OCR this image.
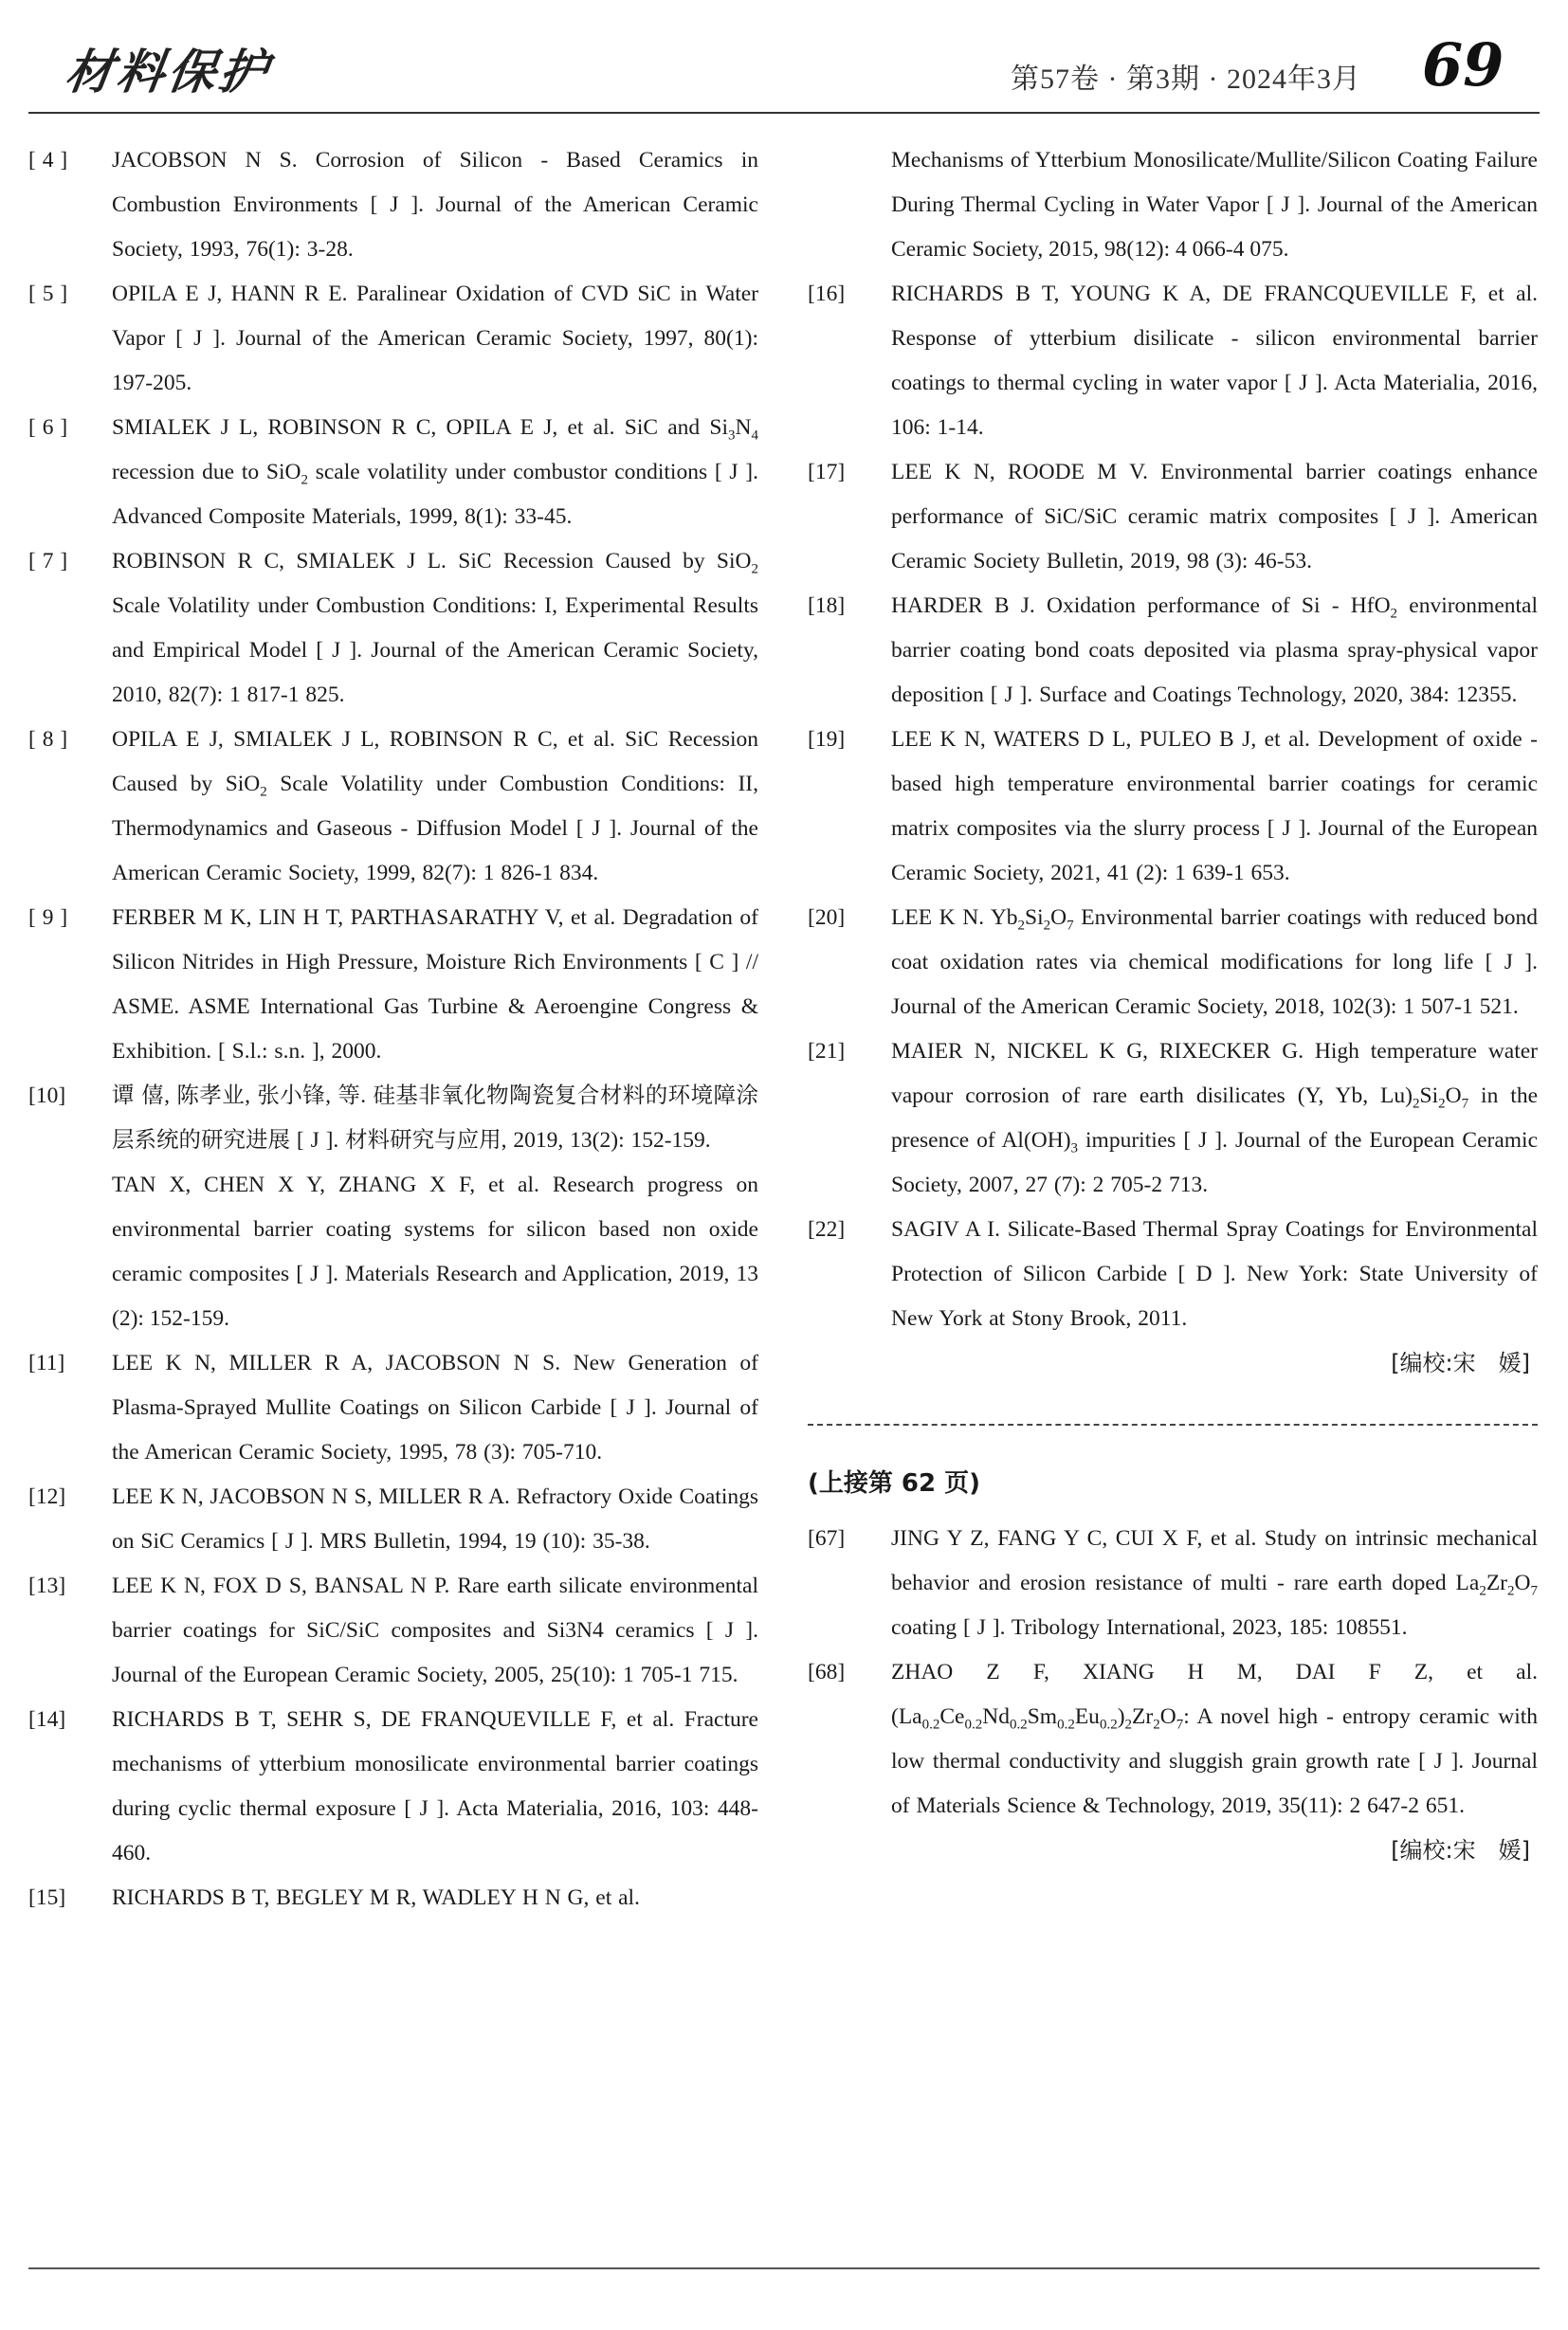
材料保护	第57卷 · 第3期 · 2024年3月 69
[ 4 ]	JACOBSON N S. Corrosion of Silicon - Based Ceramics in Combustion Environments [ J ]. Journal of the American Ceramic Society, 1993, 76(1): 3-28.
[ 5 ]	OPILA E J, HANN R E. Paralinear Oxidation of CVD SiC in Water Vapor [ J ]. Journal of the American Ceramic Society, 1997, 80(1): 197-205.
[ 6 ]	SMIALEK J L, ROBINSON R C, OPILA E J, et al. SiC and $Si_3N_4$ recession due to SiO$_2$ scale volatility under combustor conditions [ J ]. Advanced Composite Materials, 1999, 8(1): 33-45.
[ 7 ]	ROBINSON R C, SMIALEK J L. SiC Recession Caused by SiO$_2$ Scale Volatility under Combustion Conditions: I, Experimental Results and Empirical Model [ J ]. Journal of the American Ceramic Society, 2010, 82(7): 1 817-1 825.
[ 8 ]	OPILA E J, SMIALEK J L, ROBINSON R C, et al. SiC Recession Caused by SiO$_2$ Scale Volatility under Combustion Conditions: II, Thermodynamics and Gaseous - Diffusion Model [ J ]. Journal of the American Ceramic Society, 1999, 82(7): 1 826-1 834.
[ 9 ]	FERBER M K, LIN H T, PARTHASARATHY V, et al. Degradation of Silicon Nitrides in High Pressure, Moisture Rich Environments [ C ] // ASME. ASME International Gas Turbine & Aeroengine Congress & Exhibition. [ S.l.: s.n. ], 2000.
[10]	谭 僖, 陈孝业, 张小锋, 等. 硅基非氧化物陶瓷复合材料的环境障涂层系统的研究进展 [ J ]. 材料研究与应用, 2019, 13(2): 152-159.
TAN X, CHEN X Y, ZHANG X F, et al. Research progress on environmental barrier coating systems for silicon based non oxide ceramic composites [ J ]. Materials Research and Application, 2019, 13 (2): 152-159.
[11]	LEE K N, MILLER R A, JACOBSON N S. New Generation of Plasma-Sprayed Mullite Coatings on Silicon Carbide [ J ]. Journal of the American Ceramic Society, 1995, 78 (3): 705-710.
[12]	LEE K N, JACOBSON N S, MILLER R A. Refractory Oxide Coatings on SiC Ceramics [ J ]. MRS Bulletin, 1994, 19 (10): 35-38.
[13]	LEE K N, FOX D S, BANSAL N P. Rare earth silicate environmental barrier coatings for SiC/SiC composites and Si3N4 ceramics [ J ]. Journal of the European Ceramic Society, 2005, 25(10): 1 705-1 715.
[14]	RICHARDS B T, SEHR S, DE FRANQUEVILLE F, et al. Fracture mechanisms of ytterbium monosilicate environmental barrier coatings during cyclic thermal exposure [ J ]. Acta Materialia, 2016, 103: 448-460.
[15]	RICHARDS B T, BEGLEY M R, WADLEY H N G, et al.
Mechanisms of Ytterbium Monosilicate/Mullite/Silicon Coating Failure During Thermal Cycling in Water Vapor [ J ]. Journal of the American Ceramic Society, 2015, 98(12): 4 066-4 075.
[16]	RICHARDS B T, YOUNG K A, DE FRANCQUEVILLE F, et al. Response of ytterbium disilicate - silicon environmental barrier coatings to thermal cycling in water vapor [ J ]. Acta Materialia, 2016, 106: 1-14.
[17]	LEE K N, ROODE M V. Environmental barrier coatings enhance performance of SiC/SiC ceramic matrix composites [ J ]. American Ceramic Society Bulletin, 2019, 98 (3): 46-53.
[18]	HARDER B J. Oxidation performance of Si - HfO$_2$ environmental barrier coating bond coats deposited via plasma spray-physical vapor deposition [ J ]. Surface and Coatings Technology, 2020, 384: 12355.
[19]	LEE K N, WATERS D L, PULEO B J, et al. Development of oxide - based high temperature environmental barrier coatings for ceramic matrix composites via the slurry process [ J ]. Journal of the European Ceramic Society, 2021, 41 (2): 1 639-1 653.
[20]	LEE K N. $Yb_2Si_2O_7$ Environmental barrier coatings with reduced bond coat oxidation rates via chemical modifications for long life [ J ]. Journal of the American Ceramic Society, 2018, 102(3): 1 507-1 521.
[21]	MAIER N, NICKEL K G, RIXECKER G. High temperature water vapour corrosion of rare earth disilicates (Y, Yb, $Lu)_2Si_2O_7$ in the presence of $Al(OH)_3$ impurities [ J ]. Journal of the European Ceramic Society, 2007, 27 (7): 2 705-2 713.
[22]	SAGIV A I. Silicate-Based Thermal Spray Coatings for Environmental Protection of Silicon Carbide [ D ]. New York: State University of New York at Stony Brook, 2011.
[编校:宋　媛]
(上接第 62 页)
[67]	JING Y Z, FANG Y C, CUI X F, et al. Study on intrinsic mechanical behavior and erosion resistance of multi - rare earth doped $La_2Zr_2O_7$ coating [ J ]. Tribology International, 2023, 185: 108551.
[68]	ZHAO Z F, XIANG H M, DAI F Z, et al. $(La_{0.2}Ce_{0.2}Nd_{0.2}Sm_{0.2}Eu_{0.2})_2Zr_2O_7$: A novel high - entropy ceramic with low thermal conductivity and sluggish grain growth rate [ J ]. Journal of Materials Science & Technology, 2019, 35(11): 2 647-2 651.
[编校:宋　媛]
